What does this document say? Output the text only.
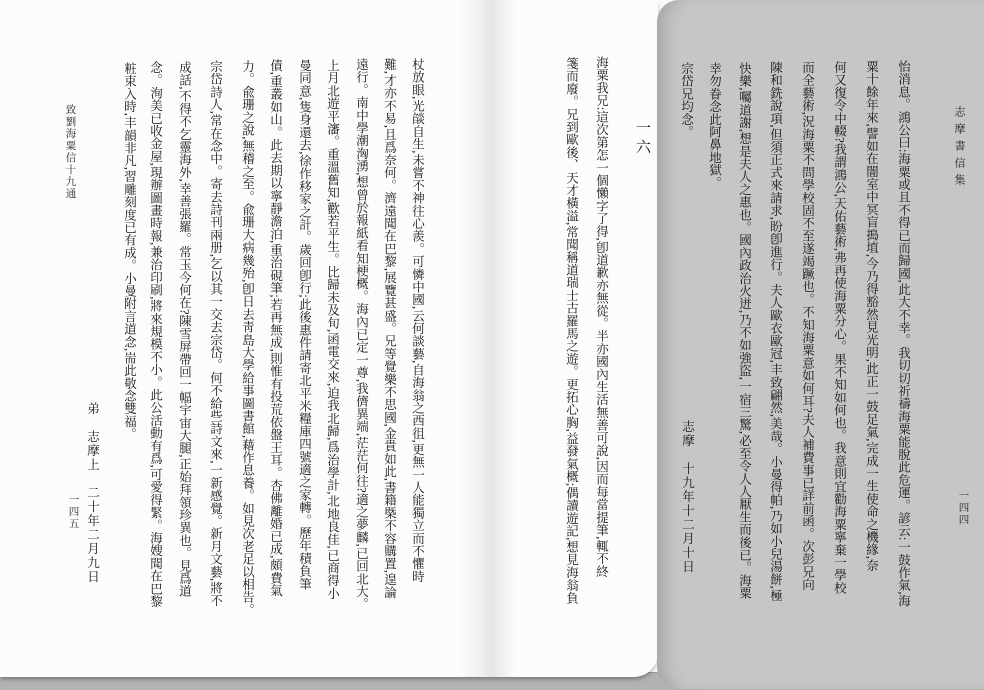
一六
海粟我兄:這次第怎一個懶字了得,卽道歉亦無從。半亦國內生活無善可說,因而每當提筆,輒不終
箋而廢。兄到歐後、天才橫溢,常聞稱道瑞士古羅馬之遊。更拓心胸,益發氣概;偶讀遊記,想見海翁負
杖放眼,光燄自生,未嘗不神往心羨。可憐中國,云何談藝,自海翁之西徂,更無一人能獨立而不懼時
難,才亦不易,且爲奈何。濟遠聞在巴黎,展覽甚盛。兄等覺樂不思國,金貴如此,書籍槩不容購置,遑論
遠行。南中學潮洶湧,想曾於報紙看知梗概。海內已定一尊,我儕異端,茫茫何往?適之夢麟,已回北大。
上月北遊平瀋。重溫舊知,歡若平生。比歸未及旬,函電交來,迫我北歸,爲治學計,北地良佳,已商得小
曼同意,隻身還去,徐作移家之計。歲回卽行;此後惠件請寄北平米糧庫四號適之家轉。歷年積負筆
債,重叢如山。此去期以寧靜澹泊,重治硯筆;若再無成,則惟有投荒依盤王耳。杏佛離婚已成,頗費氣
力。兪珊之說,無稽之至。兪珊大病幾殆,卽日去靑島大學給事圖書館,藉作息養。如見次老足以相告。
宗岱詩人,常在念中。寄去詩刊兩册,乞以其一交去宗岱。何不給些詩文來,一新感覺。新月文藝,將不
成話,不得不乞靈海外,幸善張羅。常玉今何在?陳雪屏帶回一幅宇宙大腿,正始拜領珍異也。見爲道
念。洵美已收金屋,現辦圖畫時報,兼治印刷,將來規模不小。此公活動有爲,可愛得緊。海嫂聞在巴黎
粧束入時,丰韻非凡,習雕刻度已有成。小曼附言道念,耑此敬念雙福。
弟　志摩上　二十年二月九日
致劉海粟信十九通
一四五	怡消息。鴻公曰:海粟或且不得已而歸國,此大不幸。我切切祈禱海粟能脫此危運。諺云:一鼓作氣,海
粟十餘年來,譬如在闇室中冥盲搗埴,今乃得豁然見光明,此正一鼓足氣,完成一生使命之機緣,奈
何又復令中輟?我謂鴻公,天佑藝術,弗再使海粟分心。果不知如何也。我意則宜勸海粟寧棄一學校
而全藝術,況海粟不問學校固不至遂竭蹶也。不知海粟意如何耳?夫人補費事已詳前函。次彭兄向
陳和銑說項,但須正式來請求,盼卽進行。夫人歐衣歐冠,丰致翩然,美哉。小曼得帕,乃如小兒湯餅,極
快樂,囑道謝,想是夫人之惠也。國內政治火迸,乃不如強盜,一宿三驚,必至令人人厭生而後已。海粟
幸勿眷念此阿鼻地獄。
宗岱兄均念。
志摩　十九年十二月十日
志摩書信集
一四四
